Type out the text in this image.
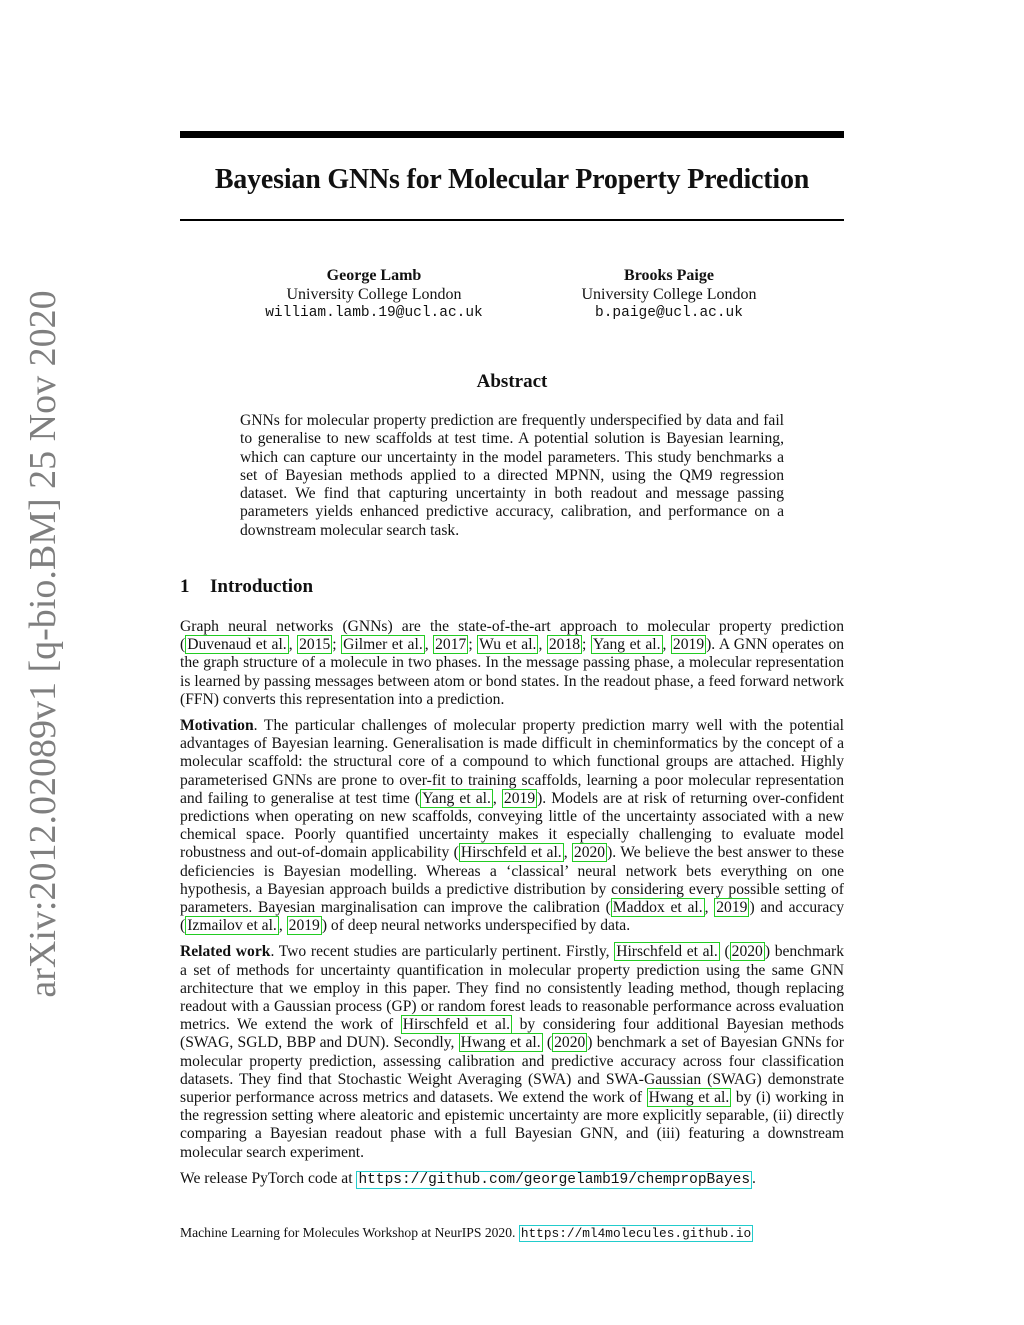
arXiv:2012.02089v1 [q-bio.BM] 25 Nov 2020
Bayesian GNNs for Molecular Property Prediction
George Lamb
University College London
william.lamb.19@ucl.ac.uk
Brooks Paige
University College London
b.paige@ucl.ac.uk
Abstract

GNNs for molecular property prediction are frequently underspecified by data and fail to generalise to new scaffolds at test time. A potential solution is Bayesian learning, which can capture our uncertainty in the model parameters. This study benchmarks a set of Bayesian methods applied to a directed MPNN, using the QM9 regression dataset. We find that capturing uncertainty in both readout and message passing parameters yields enhanced predictive accuracy, calibration, and performance on a downstream molecular search task.

1 Introduction

Graph neural networks (GNNs) are the state-of-the-art approach to molecular property prediction ( Duvenaud et al. , 2015 ; Gilmer et al. , 2017 ; Wu et al. , 2018 ; Yang et al. , 2019 ). A GNN operates on the graph structure of a molecule in two phases. In the message passing phase, a molecular representation is learned by passing messages between atom or bond states. In the readout phase, a feed forward network (FFN) converts this representation into a prediction.

Motivation. The particular challenges of molecular property prediction marry well with the potential advantages of Bayesian learning. Generalisation is made difficult in cheminformatics by the concept of a molecular scaffold: the structural core of a compound to which functional groups are attached. Highly parameterised GNNs are prone to over-fit to training scaffolds, learning a poor molecular representation and failing to generalise at test time ( Yang et al. , 2019 ). Models are at risk of returning over-confident predictions when operating on new scaffolds, conveying little of the uncertainty associated with a new chemical space. Poorly quantified uncertainty makes it especially challenging to evaluate model robustness and out-of-domain applicability ( Hirschfeld et al. , 2020 ). We believe the best answer to these deficiencies is Bayesian modelling. Whereas a ‘classical’ neural network bets everything on one hypothesis, a Bayesian approach builds a predictive distribution by considering every possible setting of parameters. Bayesian marginalisation can improve the calibration ( Maddox et al. , 2019 ) and accuracy ( Izmailov et al. , 2019 ) of deep neural networks underspecified by data.

Related work. Two recent studies are particularly pertinent. Firstly, Hirschfeld et al. ( 2020 ) benchmark a set of methods for uncertainty quantification in molecular property prediction using the same GNN architecture that we employ in this paper. They find no consistently leading method, though replacing readout with a Gaussian process (GP) or random forest leads to reasonable performance across evaluation metrics. We extend the work of Hirschfeld et al. by considering four additional Bayesian methods (SWAG, SGLD, BBP and DUN). Secondly, Hwang et al. ( 2020 ) benchmark a set of Bayesian GNNs for molecular property prediction, assessing calibration and predictive accuracy across four classification datasets. They find that Stochastic Weight Averaging (SWA) and SWA-Gaussian (SWAG) demonstrate superior performance across metrics and datasets. We extend the work of Hwang et al. by (i) working in the regression setting where aleatoric and epistemic uncertainty are more explicitly separable, (ii) directly comparing a Bayesian readout phase with a full Bayesian GNN, and (iii) featuring a downstream molecular search experiment.

We release PyTorch code at https://github.com/georgelamb19/chempropBayes .

Machine Learning for Molecules Workshop at NeurIPS 2020. https://ml4molecules.github.io
